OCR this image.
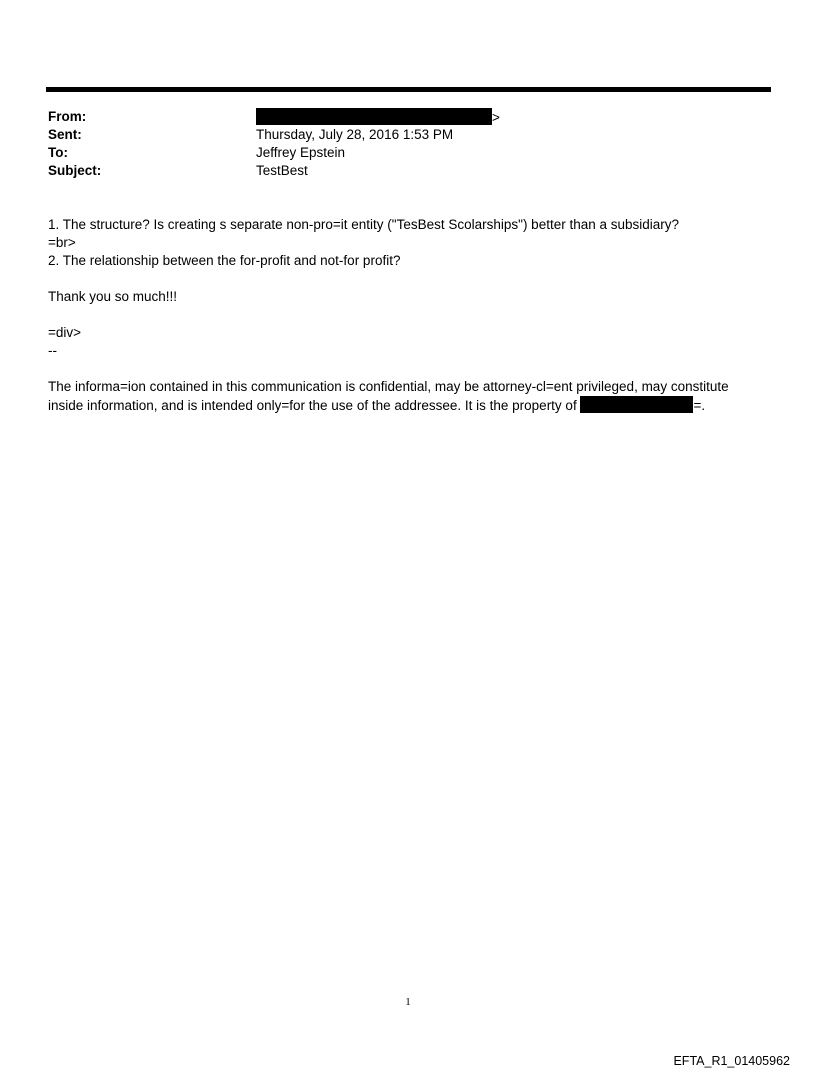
From:	>
Sent:	Thursday, July 28, 2016 1:53 PM
To:	Jeffrey Epstein
Subject:	TestBest

1. The structure? Is creating s separate non-pro=it entity ("TesBest Scolarships") better than a subsidiary?

=br>

2. The relationship between the for-profit and not-for profit?

Thank you so much!!!

=div>

--

The informa=ion contained in this communication is confidential, may be attorney-cl=ent privileged, may constitute

inside information, and is intended only=for the use of the addressee. It is the property of	=.

1
EFTA_R1_01405962
